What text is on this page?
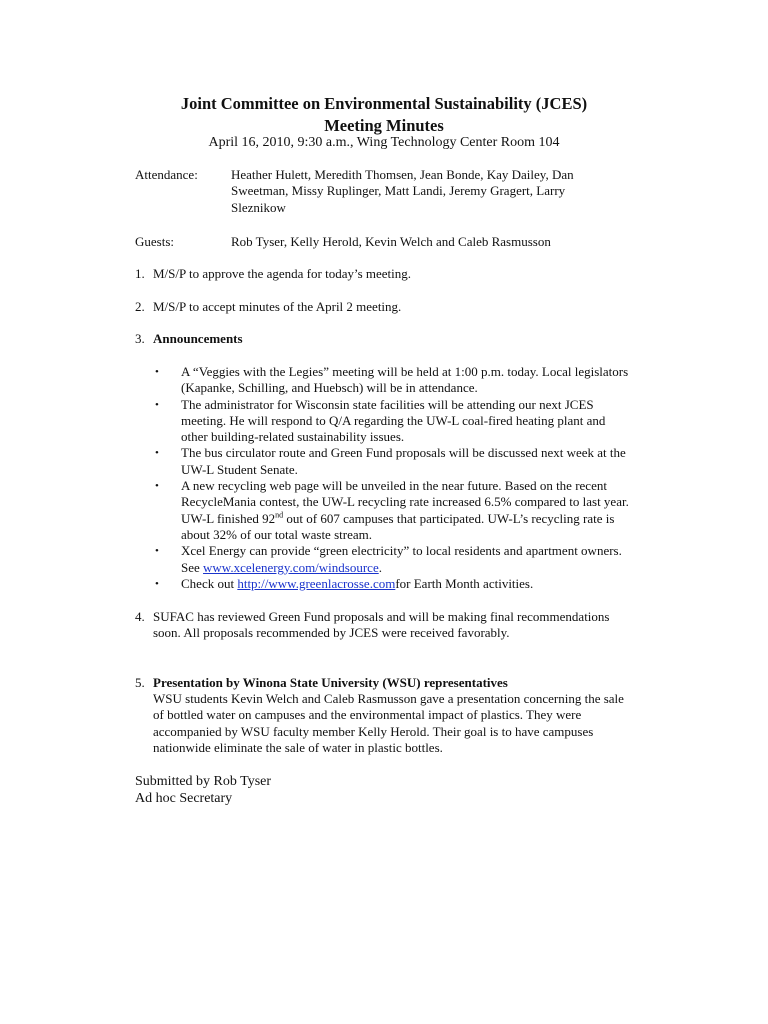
Joint Committee on Environmental Sustainability (JCES)
Meeting Minutes
April 16, 2010, 9:30 a.m., Wing Technology Center Room 104
Attendance:	Heather Hulett, Meredith Thomsen, Jean Bonde, Kay Dailey, Dan Sweetman, Missy Ruplinger, Matt Landi, Jeremy Gragert, Larry Sleznikow
Guests:	Rob Tyser, Kelly Herold, Kevin Welch and Caleb Rasmusson
1. M/S/P to approve the agenda for today’s meeting.
2. M/S/P to accept minutes of the April 2 meeting.
3. Announcements
• A “Veggies with the Legies” meeting will be held at 1:00 p.m. today. Local legislators (Kapanke, Schilling, and Huebsch) will be in attendance.
• The administrator for Wisconsin state facilities will be attending our next JCES meeting. He will respond to Q/A regarding the UW-L coal-fired heating plant and other building-related sustainability issues.
• The bus circulator route and Green Fund proposals will be discussed next week at the UW-L Student Senate.
• A new recycling web page will be unveiled in the near future. Based on the recent RecycleMania contest, the UW-L recycling rate increased 6.5% compared to last year. UW-L finished 92nd out of 607 campuses that participated. UW-L’s recycling rate is about 32% of our total waste stream.
• Xcel Energy can provide “green electricity” to local residents and apartment owners. See www.xcelenergy.com/windsource.
• Check out http://www.greenlacrosse.comfor Earth Month activities.
4. SUFAC has reviewed Green Fund proposals and will be making final recommendations soon. All proposals recommended by JCES were received favorably.
5. Presentation by Winona State University (WSU) representatives
WSU students Kevin Welch and Caleb Rasmusson gave a presentation concerning the sale of bottled water on campuses and the environmental impact of plastics. They were accompanied by WSU faculty member Kelly Herold. Their goal is to have campuses nationwide eliminate the sale of water in plastic bottles.
Submitted by Rob Tyser
Ad hoc Secretary
